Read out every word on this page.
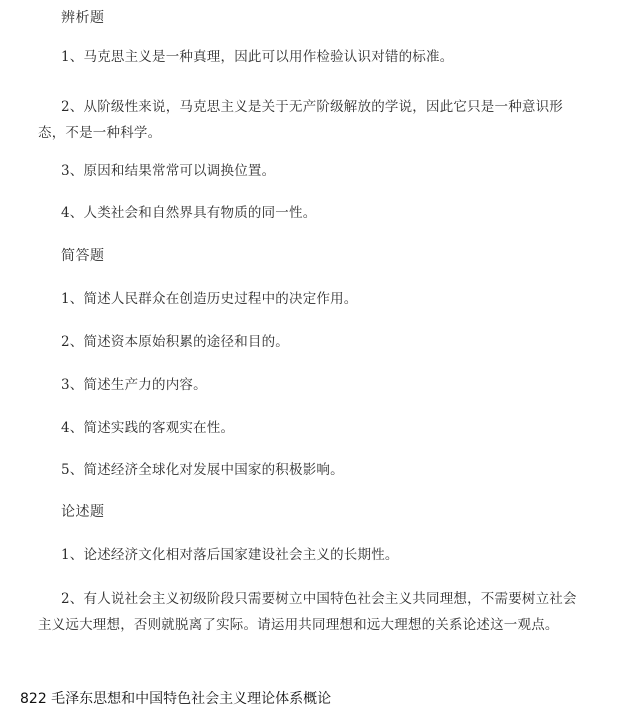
辨析题

1、马克思主义是一种真理，因此可以用作检验认识对错的标准。

2、从阶级性来说，马克思主义是关于无产阶级解放的学说，因此它只是一种意识形态，不是一种科学。

3、原因和结果常常可以调换位置。

4、人类社会和自然界具有物质的同一性。

简答题

1、简述人民群众在创造历史过程中的决定作用。

2、简述资本原始积累的途径和目的。

3、简述生产力的内容。

4、简述实践的客观实在性。

5、简述经济全球化对发展中国家的积极影响。

论述题

1、论述经济文化相对落后国家建设社会主义的长期性。

2、有人说社会主义初级阶段只需要树立中国特色社会主义共同理想，不需要树立社会主义远大理想，否则就脱离了实际。请运用共同理想和远大理想的关系论述这一观点。

822 毛泽东思想和中国特色社会主义理论体系概论
